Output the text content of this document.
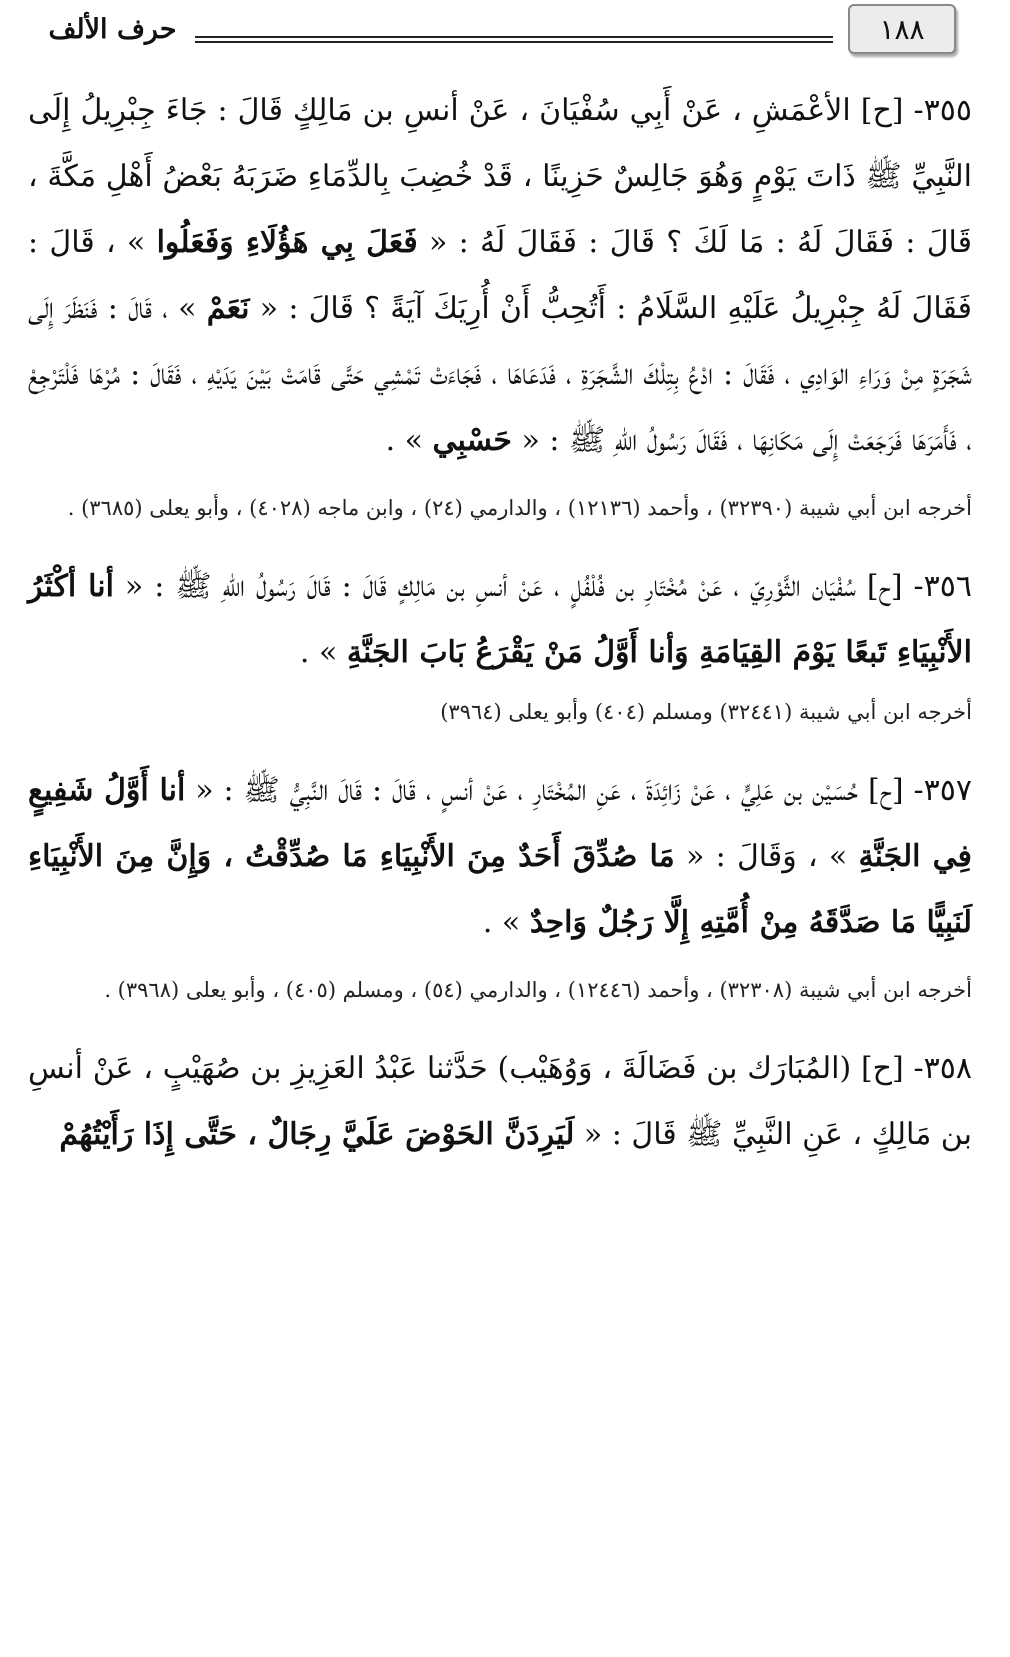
١٨٨
حرف الألف

٣٥٥- [ح] الأعْمَشِ ، عَنْ أَبِي سُفْيَانَ ، عَنْ أنسِ بن مَالِكٍ قَالَ : جَاءَ جِبْرِيلُ إِلَى النَّبِيِّ ﷺ ذَاتَ يَوْمٍ وَهُوَ جَالِسٌ حَزِينًا ، قَدْ خُضِبَ بِالدِّمَاءِ ضَرَبَهُ بَعْضُ أَهْلِ مَكَّةَ ، قَالَ : فَقَالَ لَهُ : مَا لَكَ ؟ قَالَ : فَقَالَ لَهُ : « فَعَلَ بِي هَؤُلَاءِ وَفَعَلُوا » ، قَالَ : فَقَالَ لَهُ جِبْرِيلُ عَلَيْهِ السَّلَامُ : أَتُحِبُّ أَنْ أُرِيَكَ آيَةً ؟ قَالَ : « نَعَمْ » ، قَالَ : فَنَظَرَ إِلَى شَجَرَةٍ مِنْ وَرَاءِ الوَادِي ، فَقَالَ : ادْعُ بِتِلْكَ الشَّجَرَةِ ، فَدَعَاهَا ، فَجَاءَتْ تَمْشِي حَتَّى قَامَتْ بَيْنَ يَدَيْهِ ، فَقَالَ : مُرْهَا فَلْتَرْجِعْ ، فَأَمَرَهَا فَرَجَعَتْ إِلَى مَكَانِهَا ، فَقَالَ رَسُولُ اللهِ ﷺ : « حَسْبِي » .

أخرجه ابن أبي شيبة (٣٢٣٩٠) ، وأحمد (١٢١٣٦) ، والدارمي (٢٤) ، وابن ماجه (٤٠٢٨) ، وأبو يعلى (٣٦٨٥) .

٣٥٦- [ح] سُفْيَان الثَّوْرِيّ ، عَنْ مُخْتَارِ بن فُلْفُلٍ ، عَنْ أنسِ بن مَالِكٍ قَالَ : قَالَ رَسُولُ اللهِ ﷺ : « أنا أكْثَرُ الأَنْبِيَاءِ تَبعًا يَوْمَ القِيَامَةِ وَأنا أَوَّلُ مَنْ يَقْرَعُ بَابَ الجَنَّةِ » .

أخرجه ابن أبي شيبة (٣٢٤٤١) ومسلم (٤٠٤) وأبو يعلى (٣٩٦٤)

٣٥٧- [ح] حُسَيْن بن عَلِيٍّ ، عَنْ زَائِدَةَ ، عَنِ المُخْتَارِ ، عَنْ أنسٍ ، قَالَ : قَالَ النَّبِيُّ ﷺ : « أنا أَوَّلُ شَفِيعٍ فِي الجَنَّةِ » ، وَقَالَ : « مَا صُدِّقَ أَحَدٌ مِنَ الأَنْبِيَاءِ مَا صُدِّقْتُ ، وَإِنَّ مِنَ الأَنْبِيَاءِ لَنَبِيًّا مَا صَدَّقَهُ مِنْ أُمَّتِهِ إِلَّا رَجُلٌ وَاحِدٌ » .

أخرجه ابن أبي شيبة (٣٢٣٠٨) ، وأحمد (١٢٤٤٦) ، والدارمي (٥٤) ، ومسلم (٤٠٥) ، وأبو يعلى (٣٩٦٨) .

٣٥٨- [ح] (المُبَارَك بن فَضَالَةَ ، وَوُهَيْب) حَدَّثنا عَبْدُ العَزِيزِ بن صُهَيْبٍ ، عَنْ أنسِ بن مَالِكٍ ، عَنِ النَّبِيِّ ﷺ قَالَ : « لَيَرِدَنَّ الحَوْضَ عَلَيَّ رِجَالٌ ، حَتَّى إِذَا رَأَيْتُهُمْ
